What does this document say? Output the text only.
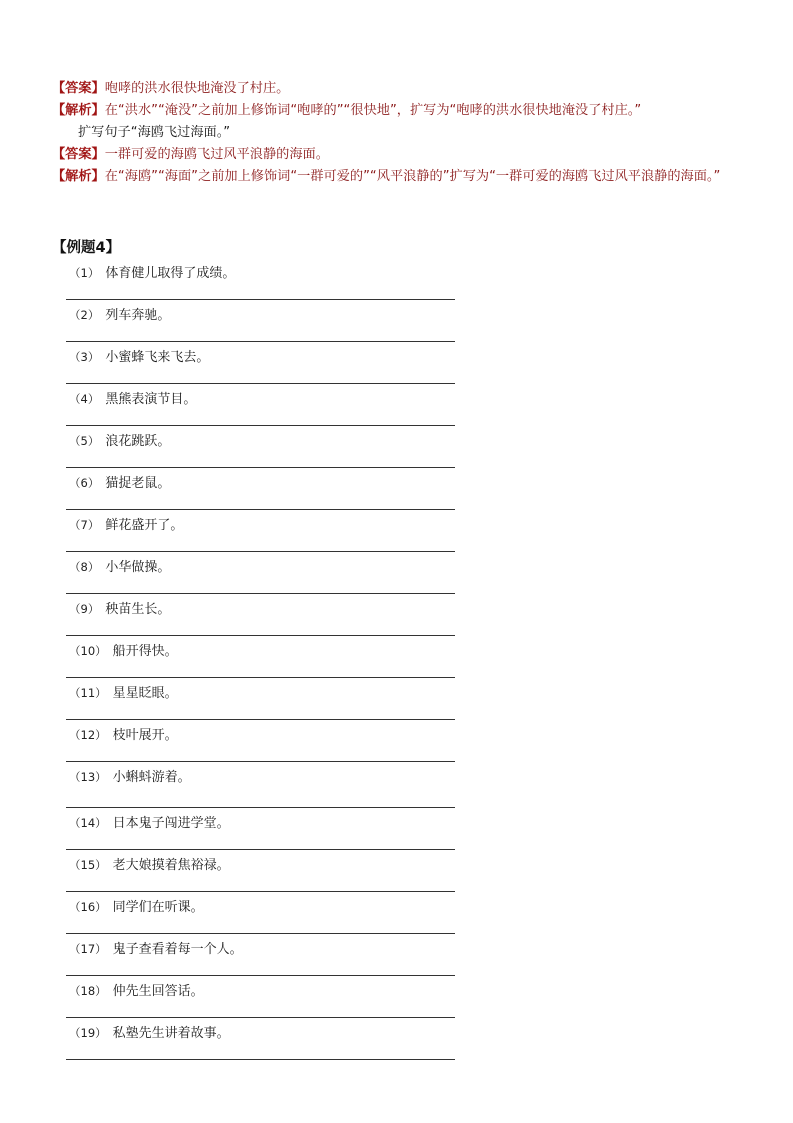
【答案】咆哮的洪水很快地淹没了村庄。
【解析】在“洪水”“淹没”之前加上修饰词“咆哮的”“很快地”，扩写为“咆哮的洪水很快地淹没了村庄。”
扩写句子“海鸥飞过海面。”
【答案】一群可爱的海鸥飞过风平浪静的海面。
【解析】在“海鸥”“海面”之前加上修饰词“一群可爱的”“风平浪静的”扩写为“一群可爱的海鸥飞过风平浪静的海面。”
【例题4】
（1） 体育健儿取得了成绩。
（2） 列车奔驰。
（3） 小蜜蜂飞来飞去。
（4） 黑熊表演节目。
（5） 浪花跳跃。
（6） 猫捉老鼠。
（7） 鲜花盛开了。
（8） 小华做操。
（9） 秧苗生长。
（10） 船开得快。
（11） 星星眨眼。
（12） 枝叶展开。
（13） 小蝌蚪游着。
（14） 日本鬼子闯进学堂。
（15） 老大娘摸着焦裕禄。
（16） 同学们在听课。
（17） 鬼子查看着每一个人。
（18） 仲先生回答话。
（19） 私塾先生讲着故事。
